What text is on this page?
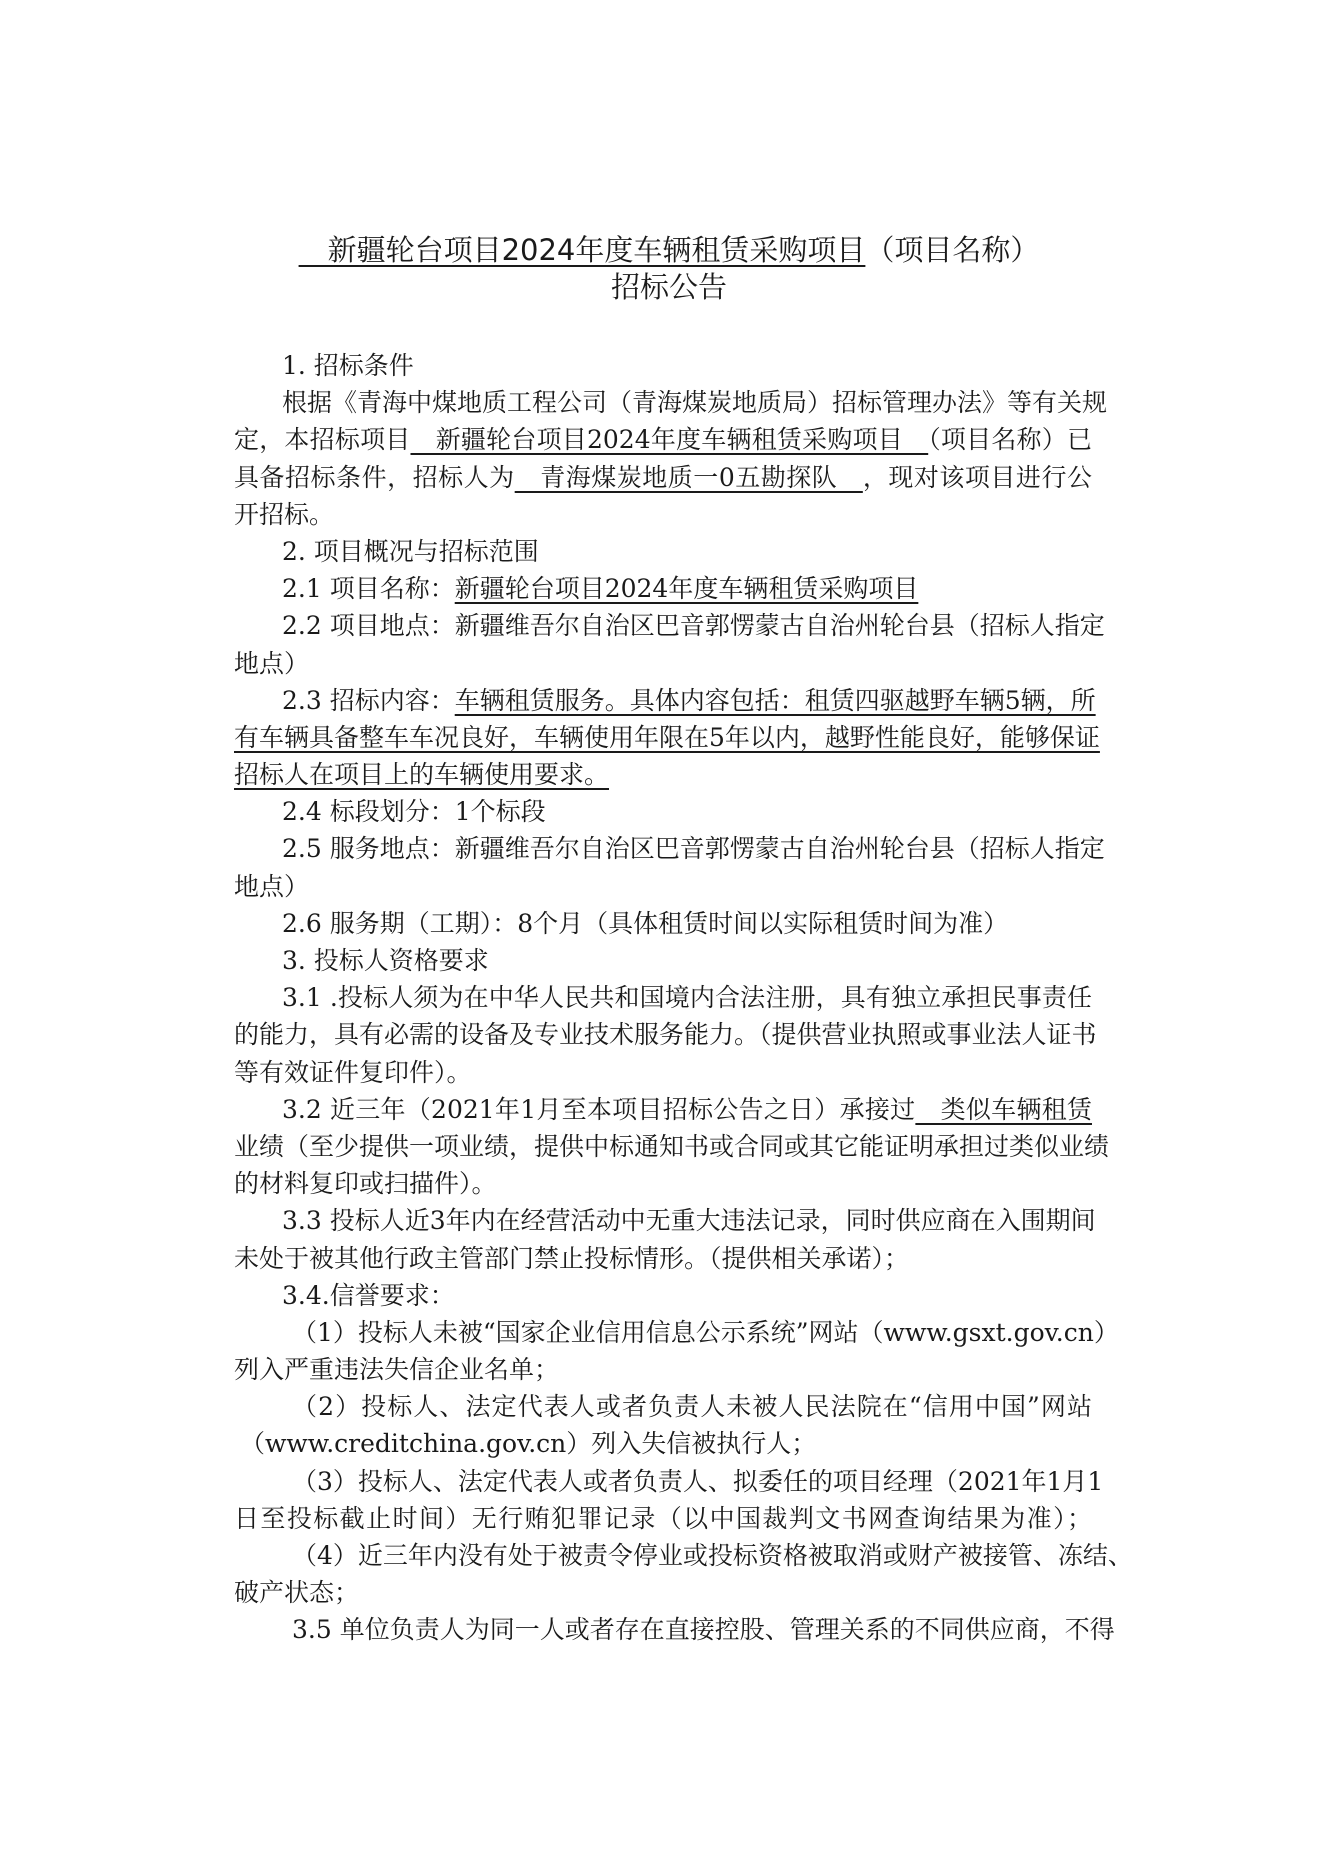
　新疆轮台项目2024年度车辆租赁采购项目（项目名称）
招标公告
1. 招标条件
根据《青海中煤地质工程公司（青海煤炭地质局）招标管理办法》等有关规
定，本招标项目　新疆轮台项目2024年度车辆租赁采购项目　（项目名称）已
具备招标条件，招标人为　青海煤炭地质一0五勘探队　，现对该项目进行公
开招标。
2. 项目概况与招标范围
2.1 项目名称：新疆轮台项目2024年度车辆租赁采购项目
2.2 项目地点：新疆维吾尔自治区巴音郭愣蒙古自治州轮台县（招标人指定
地点）
2.3 招标内容：车辆租赁服务。具体内容包括：租赁四驱越野车辆5辆，所
有车辆具备整车车况良好，车辆使用年限在5年以内，越野性能良好，能够保证
招标人在项目上的车辆使用要求。
2.4 标段划分：1个标段
2.5 服务地点：新疆维吾尔自治区巴音郭愣蒙古自治州轮台县（招标人指定
地点）
2.6 服务期（工期）：8个月（具体租赁时间以实际租赁时间为准）
3. 投标人资格要求
3.1 .投标人须为在中华人民共和国境内合法注册，具有独立承担民事责任
的能力，具有必需的设备及专业技术服务能力。（提供营业执照或事业法人证书
等有效证件复印件）。
3.2 近三年（2021年1月至本项目招标公告之日）承接过　类似车辆租赁
业绩（至少提供一项业绩，提供中标通知书或合同或其它能证明承担过类似业绩
的材料复印或扫描件）。
3.3 投标人近3年内在经营活动中无重大违法记录，同时供应商在入围期间
未处于被其他行政主管部门禁止投标情形。（提供相关承诺）；
3.4.信誉要求：
（1）投标人未被“国家企业信用信息公示系统”网站（www.gsxt.gov.cn）
列入严重违法失信企业名单；
（2）投标人、法定代表人或者负责人未被人民法院在“信用中国”网站
（www.creditchina.gov.cn）列入失信被执行人；
（3）投标人、法定代表人或者负责人、拟委任的项目经理（2021年1月1
日至投标截止时间）无行贿犯罪记录（以中国裁判文书网查询结果为准）；
（4）近三年内没有处于被责令停业或投标资格被取消或财产被接管、冻结、
破产状态；
3.5 单位负责人为同一人或者存在直接控股、管理关系的不同供应商，不得
